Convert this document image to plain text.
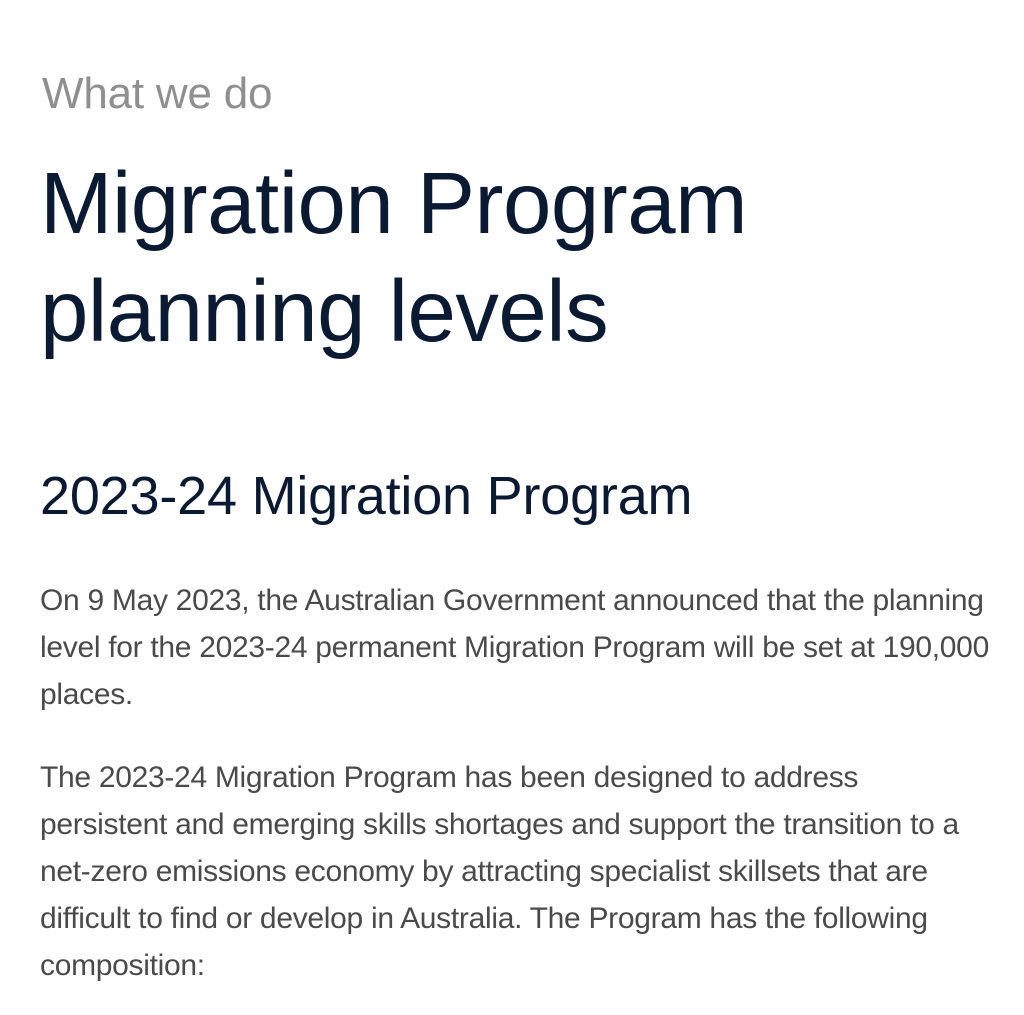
What we do

Migration Program planning levels
2023-24 Migration Program

On 9 May 2023, the Australian Government announced that the planning level for the 2023-24 permanent Migration Program will be set at 190,000 places.

The 2023-24 Migration Program has been designed to address persistent and emerging skills shortages and support the transition to a net-zero emissions economy by attracting specialist skillsets that are difficult to find or develop in Australia. The Program has the following composition:
